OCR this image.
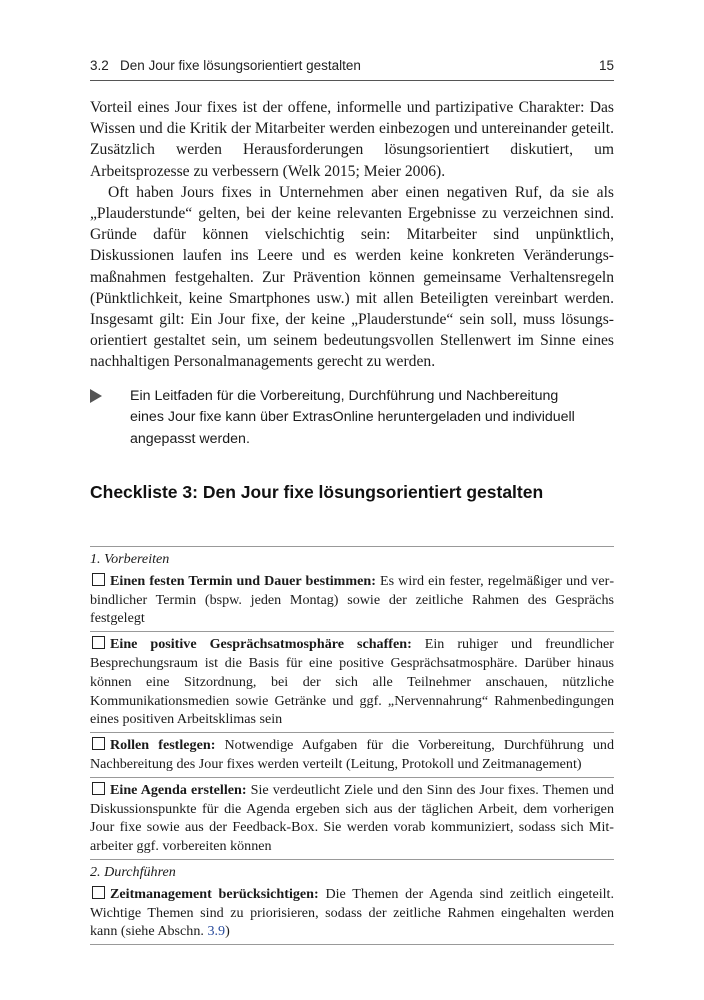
3.2 Den Jour fixe lösungsorientiert gestalten	15

Vorteil eines Jour fixes ist der offene, informelle und partizipative Charakter: Das Wissen und die Kritik der Mitarbeiter werden einbezogen und untereinander geteilt. Zusätzlich werden Herausforderungen lösungsorientiert diskutiert, um Arbeitsprozesse zu verbessern (Welk 2015; Meier 2006).

Oft haben Jours fixes in Unternehmen aber einen negativen Ruf, da sie als „Plauderstunde“ gelten, bei der keine relevanten Ergebnisse zu verzeichnen sind. Gründe dafür können vielschichtig sein: Mitarbeiter sind unpünktlich, Diskussionen laufen ins Leere und es werden keine konkreten Veränderungsmaßnahmen festgehalten. Zur Prävention können gemeinsame Verhaltensregeln (Pünktlichkeit, keine Smartphones usw.) mit allen Beteiligten vereinbart werden. Insgesamt gilt: Ein Jour fixe, der keine „Plauderstunde“ sein soll, muss lösungsorientiert gestaltet sein, um seinem bedeutungsvollen Stellenwert im Sinne eines nachhaltigen Personalmanagements gerecht zu werden.

Ein Leitfaden für die Vorbereitung, Durchführung und Nachbereitung eines Jour fixe kann über ExtrasOnline heruntergeladen und individuell angepasst werden.
Checkliste 3: Den Jour fixe lösungsorientiert gestalten
1. Vorbereiten
Einen festen Termin und Dauer bestimmen: Es wird ein fester, regelmäßiger und verbindlicher Termin (bspw. jeden Montag) sowie der zeitliche Rahmen des Gesprächs festgelegt
Eine positive Gesprächsatmosphäre schaffen: Ein ruhiger und freundlicher Besprechungsraum ist die Basis für eine positive Gesprächsatmosphäre. Darüber hinaus können eine Sitzordnung, bei der sich alle Teilnehmer anschauen, nützliche Kommunikationsmedien sowie Getränke und ggf. „Nervennahrung“ Rahmenbedingungen eines positiven Arbeitsklimas sein
Rollen festlegen: Notwendige Aufgaben für die Vorbereitung, Durchführung und Nachbereitung des Jour fixes werden verteilt (Leitung, Protokoll und Zeitmanagement)
Eine Agenda erstellen: Sie verdeutlicht Ziele und den Sinn des Jour fixes. Themen und Diskussionspunkte für die Agenda ergeben sich aus der täglichen Arbeit, dem vorherigen Jour fixe sowie aus der Feedback-Box. Sie werden vorab kommuniziert, sodass sich Mitarbeiter ggf. vorbereiten können
2. Durchführen
Zeitmanagement berücksichtigen: Die Themen der Agenda sind zeitlich eingeteilt. Wichtige Themen sind zu priorisieren, sodass der zeitliche Rahmen eingehalten werden kann (siehe Abschn. 3.9)
